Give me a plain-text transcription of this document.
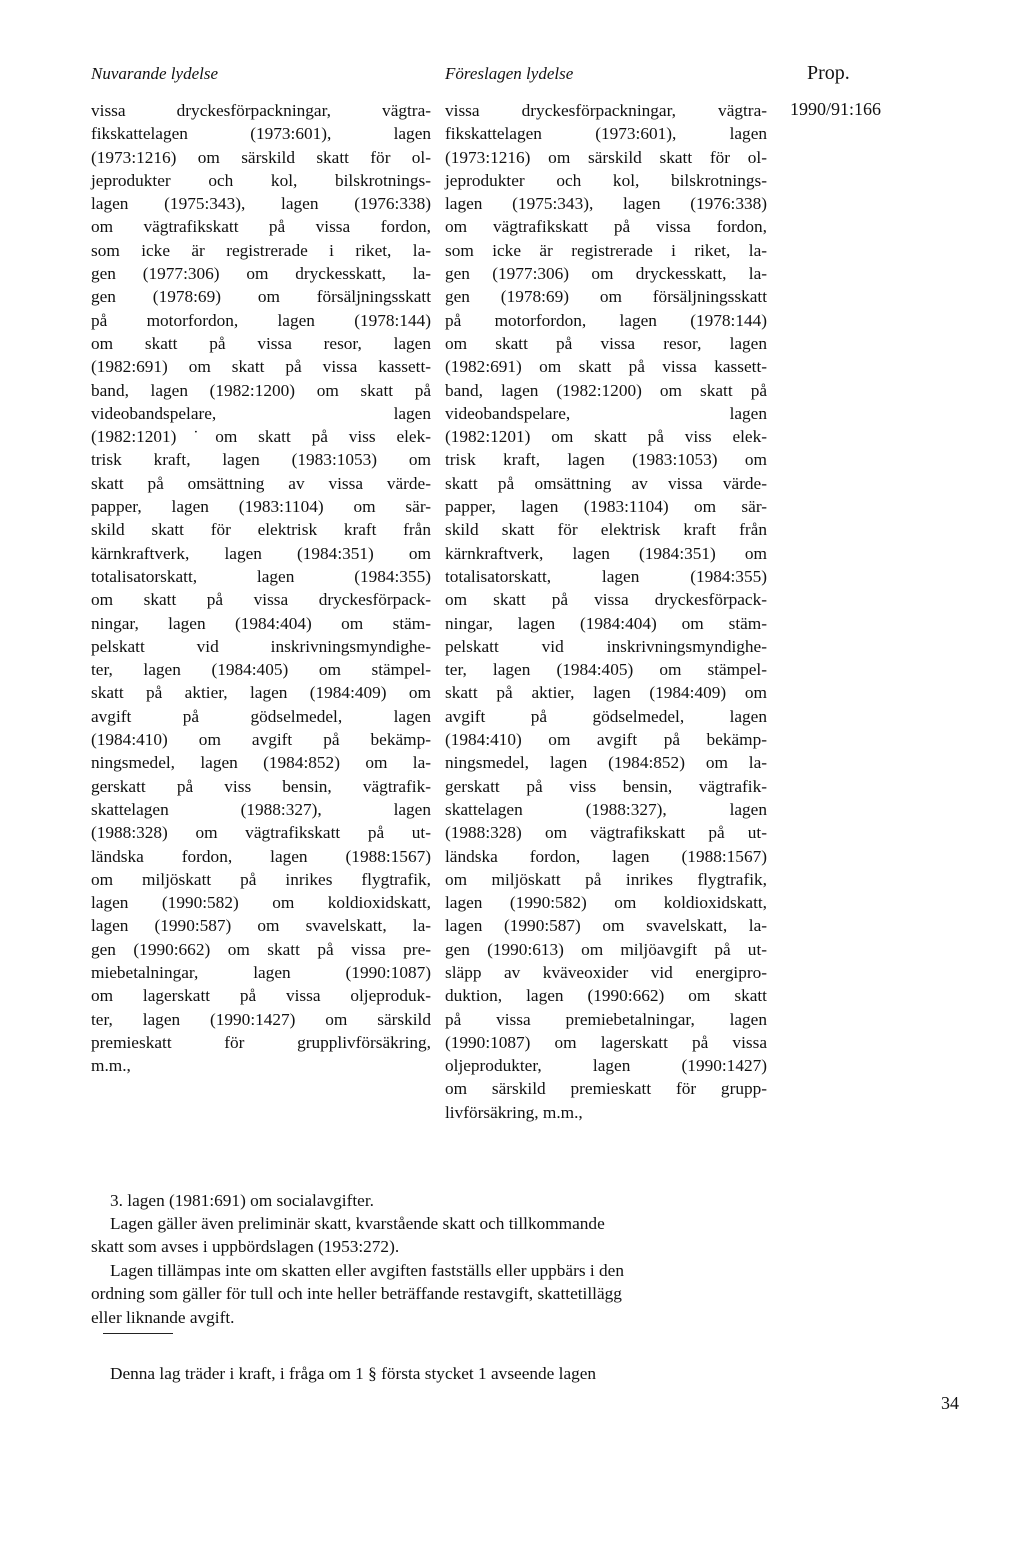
Nuvarande lydelse	Föreslagen lydelse	Prop.
1990/91:166
vissa dryckesförpackningar, vägtra-
fikskattelagen (1973:601), lagen
(1973:1216) om särskild skatt för ol-
jeprodukter och kol, bilskrotnings-
lagen (1975:343), lagen (1976:338)
om vägtrafikskatt på vissa fordon,
som icke är registrerade i riket, la-
gen (1977:306) om dryckesskatt, la-
gen (1978:69) om försäljningsskatt
på motorfordon, lagen (1978:144)
om skatt på vissa resor, lagen
(1982:691) om skatt på vissa kassett-
band, lagen (1982:1200) om skatt på
videobandspelare, lagen
(1982:1201)˙om skatt på viss elek-
trisk kraft, lagen (1983:1053) om
skatt på omsättning av vissa värde-
papper, lagen (1983:1104) om sär-
skild skatt för elektrisk kraft från
kärnkraftverk, lagen (1984:351) om
totalisatorskatt, lagen (1984:355)
om skatt på vissa dryckesförpack-
ningar, lagen (1984:404) om stäm-
pelskatt vid inskrivningsmyndighe-
ter, lagen (1984:405) om stämpel-
skatt på aktier, lagen (1984:409) om
avgift på gödselmedel, lagen
(1984:410) om avgift på bekämp-
ningsmedel, lagen (1984:852) om la-
gerskatt på viss bensin, vägtrafik-
skattelagen (1988:327), lagen
(1988:328) om vägtrafikskatt på ut-
ländska fordon, lagen (1988:1567)
om miljöskatt på inrikes flygtrafik,
lagen (1990:582) om koldioxidskatt,
lagen (1990:587) om svavelskatt, la-
gen (1990:662) om skatt på vissa pre-
miebetalningar, lagen (1990:1087)
om lagerskatt på vissa oljeproduk-
ter, lagen (1990:1427) om särskild
premieskatt för grupplivförsäkring,
m.m.,
vissa dryckesförpackningar, vägtra-
fikskattelagen (1973:601), lagen
(1973:1216) om särskild skatt för ol-
jeprodukter och kol, bilskrotnings-
lagen (1975:343), lagen (1976:338)
om vägtrafikskatt på vissa fordon,
som icke är registrerade i riket, la-
gen (1977:306) om dryckesskatt, la-
gen (1978:69) om försäljningsskatt
på motorfordon, lagen (1978:144)
om skatt på vissa resor, lagen
(1982:691) om skatt på vissa kassett-
band, lagen (1982:1200) om skatt på
videobandspelare, lagen
(1982:1201) om skatt på viss elek-
trisk kraft, lagen (1983:1053) om
skatt på omsättning av vissa värde-
papper, lagen (1983:1104) om sär-
skild skatt för elektrisk kraft från
kärnkraftverk, lagen (1984:351) om
totalisatorskatt, lagen (1984:355)
om skatt på vissa dryckesförpack-
ningar, lagen (1984:404) om stäm-
pelskatt vid inskrivningsmyndighe-
ter, lagen (1984:405) om stämpel-
skatt på aktier, lagen (1984:409) om
avgift på gödselmedel, lagen
(1984:410) om avgift på bekämp-
ningsmedel, lagen (1984:852) om la-
gerskatt på viss bensin, vägtrafik-
skattelagen (1988:327), lagen
(1988:328) om vägtrafikskatt på ut-
ländska fordon, lagen (1988:1567)
om miljöskatt på inrikes flygtrafik,
lagen (1990:582) om koldioxidskatt,
lagen (1990:587) om svavelskatt, la-
gen (1990:613) om miljöavgift på ut-
släpp av kväveoxider vid energipro-
duktion, lagen (1990:662) om skatt
på vissa premiebetalningar, lagen
(1990:1087) om lagerskatt på vissa
oljeprodukter, lagen (1990:1427)
om särskild premieskatt för grupp-
livförsäkring, m.m.,
3. lagen (1981:691) om socialavgifter.
Lagen gäller även preliminär skatt, kvarstående skatt och tillkommande
skatt som avses i uppbördslagen (1953:272).
Lagen tillämpas inte om skatten eller avgiften fastställs eller uppbärs i den
ordning som gäller för tull och inte heller beträffande restavgift, skattetillägg
eller liknande avgift.
Denna lag träder i kraft, i fråga om 1 § första stycket 1 avseende lagen
34
